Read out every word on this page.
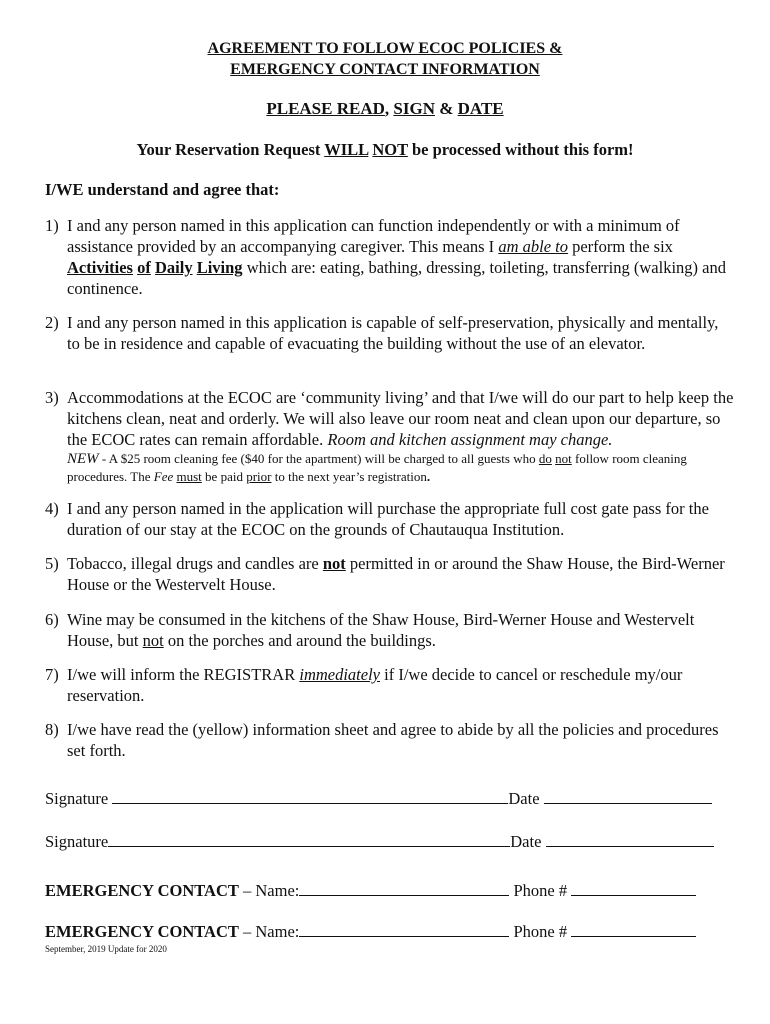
AGREEMENT TO FOLLOW ECOC POLICIES &
EMERGENCY CONTACT INFORMATION
PLEASE READ, SIGN & DATE
Your Reservation Request WILL NOT be processed without this form!
I/WE understand and agree that:
1) I and any person named in this application can function independently or with a minimum of assistance provided by an accompanying caregiver. This means I am able to perform the six Activities of Daily Living which are: eating, bathing, dressing, toileting, transferring (walking) and continence.
2) I and any person named in this application is capable of self-preservation, physically and mentally, to be in residence and capable of evacuating the building without the use of an elevator.
3) Accommodations at the ECOC are ‘community living’ and that I/we will do our part to help keep the kitchens clean, neat and orderly. We will also leave our room neat and clean upon our departure, so the ECOC rates can remain affordable. Room and kitchen assignment may change.
NEW - A $25 room cleaning fee ($40 for the apartment) will be charged to all guests who do not follow room cleaning procedures. The Fee must be paid prior to the next year’s registration.
4) I and any person named in the application will purchase the appropriate full cost gate pass for the duration of our stay at the ECOC on the grounds of Chautauqua Institution.
5) Tobacco, illegal drugs and candles are not permitted in or around the Shaw House, the Bird-Werner House or the Westervelt House.
6) Wine may be consumed in the kitchens of the Shaw House, Bird-Werner House and Westervelt House, but not on the porches and around the buildings.
7) I/we will inform the REGISTRAR immediately if I/we decide to cancel or reschedule my/our reservation.
8) I/we have read the (yellow) information sheet and agree to abide by all the policies and procedures set forth.
Signature	Date
Signature	Date
EMERGENCY CONTACT – Name:	Phone #
EMERGENCY CONTACT – Name:	Phone #
September, 2019 Update for 2020
